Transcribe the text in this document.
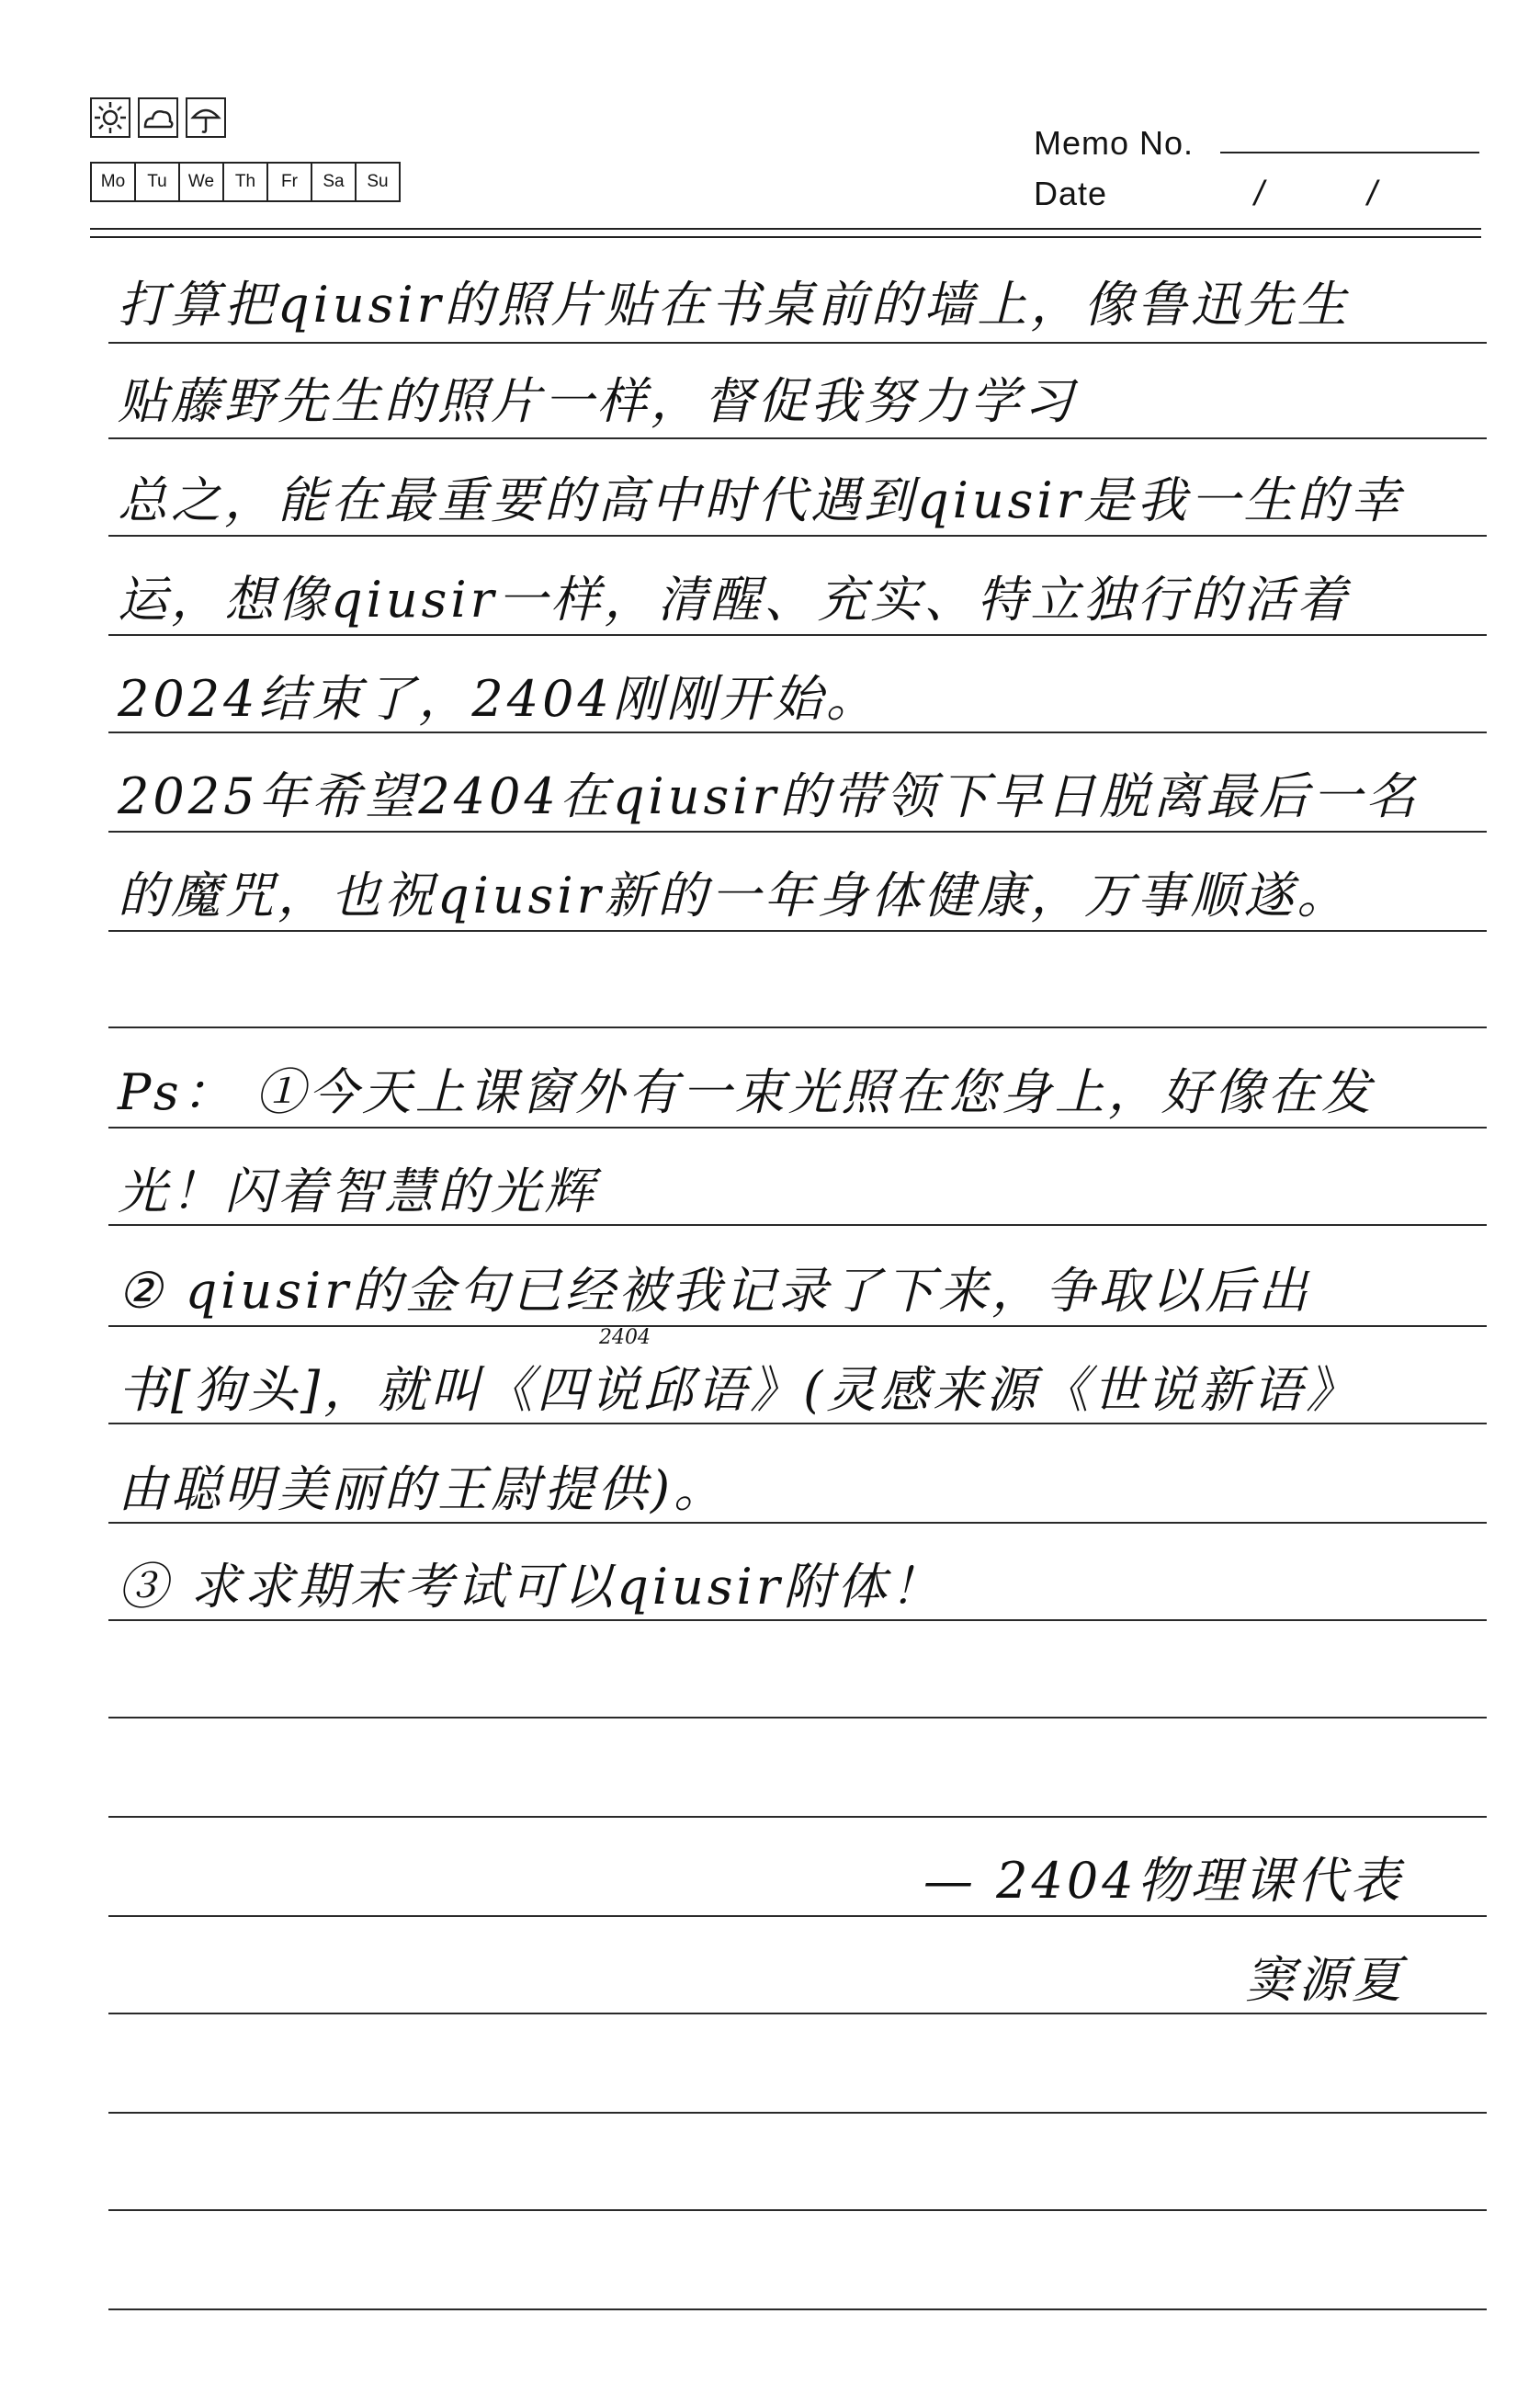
Mo	Tu	We	Th	Fr	Sa	Su
Memo No.
Date	/	/
打算把qiusir的照片贴在书桌前的墙上，像鲁迅先生
贴藤野先生的照片一样，督促我努力学习
总之，能在最重要的高中时代遇到qiusir是我一生的幸
运，想像qiusir一样，清醒、充实、特立独行的活着
2024结束了，2404刚刚开始。
2025年希望2404在qiusir的带领下早日脱离最后一名
的魔咒，也祝qiusir新的一年身体健康，万事顺遂。
Ps： ①今天上课窗外有一束光照在您身上，好像在发
光！闪着智慧的光辉
② qiusir的金句已经被我记录了下来，争取以后出
2404
书[狗头]，就叫《四说邱语》(灵感来源《世说新语》
由聪明美丽的王尉提供)。
③ 求求期末考试可以qiusir附体！
— 2404物理课代表
窦源夏
